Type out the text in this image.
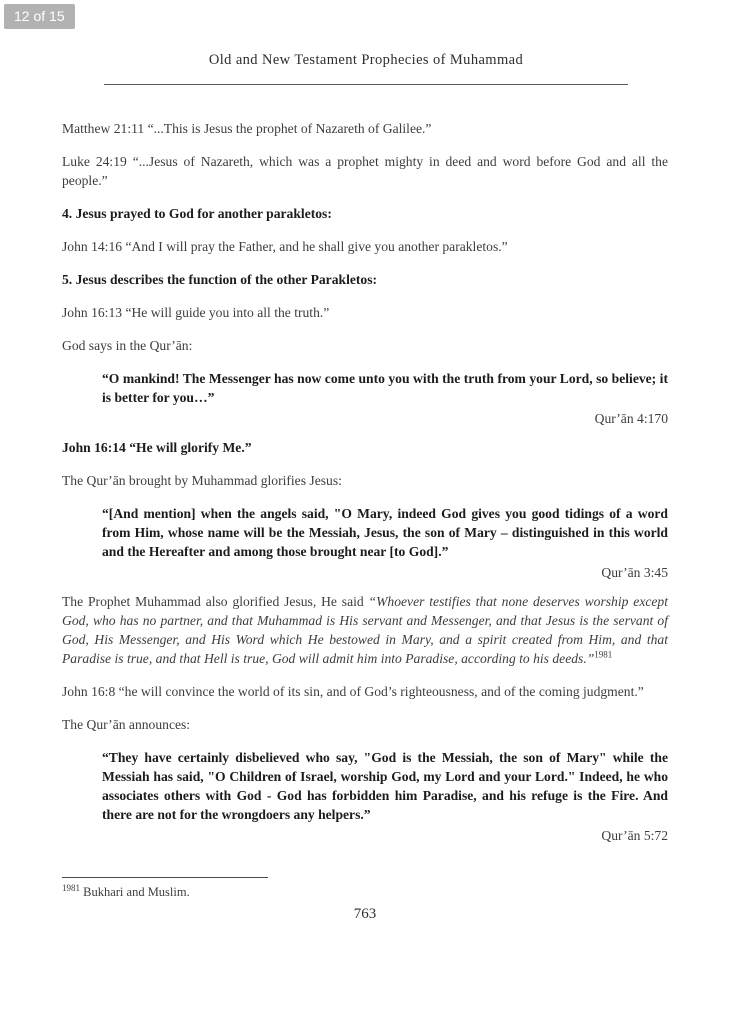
12 of 15
Old and New Testament Prophecies of Muhammad

Matthew 21:11 “...This is Jesus the prophet of Nazareth of Galilee.”

Luke 24:19 “...Jesus of Nazareth, which was a prophet mighty in deed and word before God and all the people.”

4. Jesus prayed to God for another parakletos:

John 14:16 “And I will pray the Father, and he shall give you another parakletos.”

5. Jesus describes the function of the other Parakletos:

John 16:13 “He will guide you into all the truth.”

God says in the Qur’ān:

“O mankind! The Messenger has now come unto you with the truth from your Lord, so believe; it is better for you…”

Qur’ān 4:170

John 16:14 “He will glorify Me.”

The Qur’ān brought by Muhammad glorifies Jesus:

“[And mention] when the angels said, "O Mary, indeed God gives you good tidings of a word from Him, whose name will be the Messiah, Jesus, the son of Mary – distinguished in this world and the Hereafter and among those brought near [to God].”

Qur’ān 3:45

The Prophet Muhammad also glorified Jesus, He said “Whoever testifies that none deserves worship except God, who has no partner, and that Muhammad is His servant and Messenger, and that Jesus is the servant of God, His Messenger, and His Word which He bestowed in Mary, and a spirit created from Him, and that Paradise is true, and that Hell is true, God will admit him into Paradise, according to his deeds.”$^{1981}$

John 16:8 “he will convince the world of its sin, and of God’s righteousness, and of the coming judgment.”

The Qur’ān announces:

“They have certainly disbelieved who say, "God is the Messiah, the son of Mary" while the Messiah has said, "O Children of Israel, worship God, my Lord and your Lord." Indeed, he who associates others with God - God has forbidden him Paradise, and his refuge is the Fire. And there are not for the wrongdoers any helpers.”

Qur’ān 5:72

$^{1981}$ Bukhari and Muslim.
763
